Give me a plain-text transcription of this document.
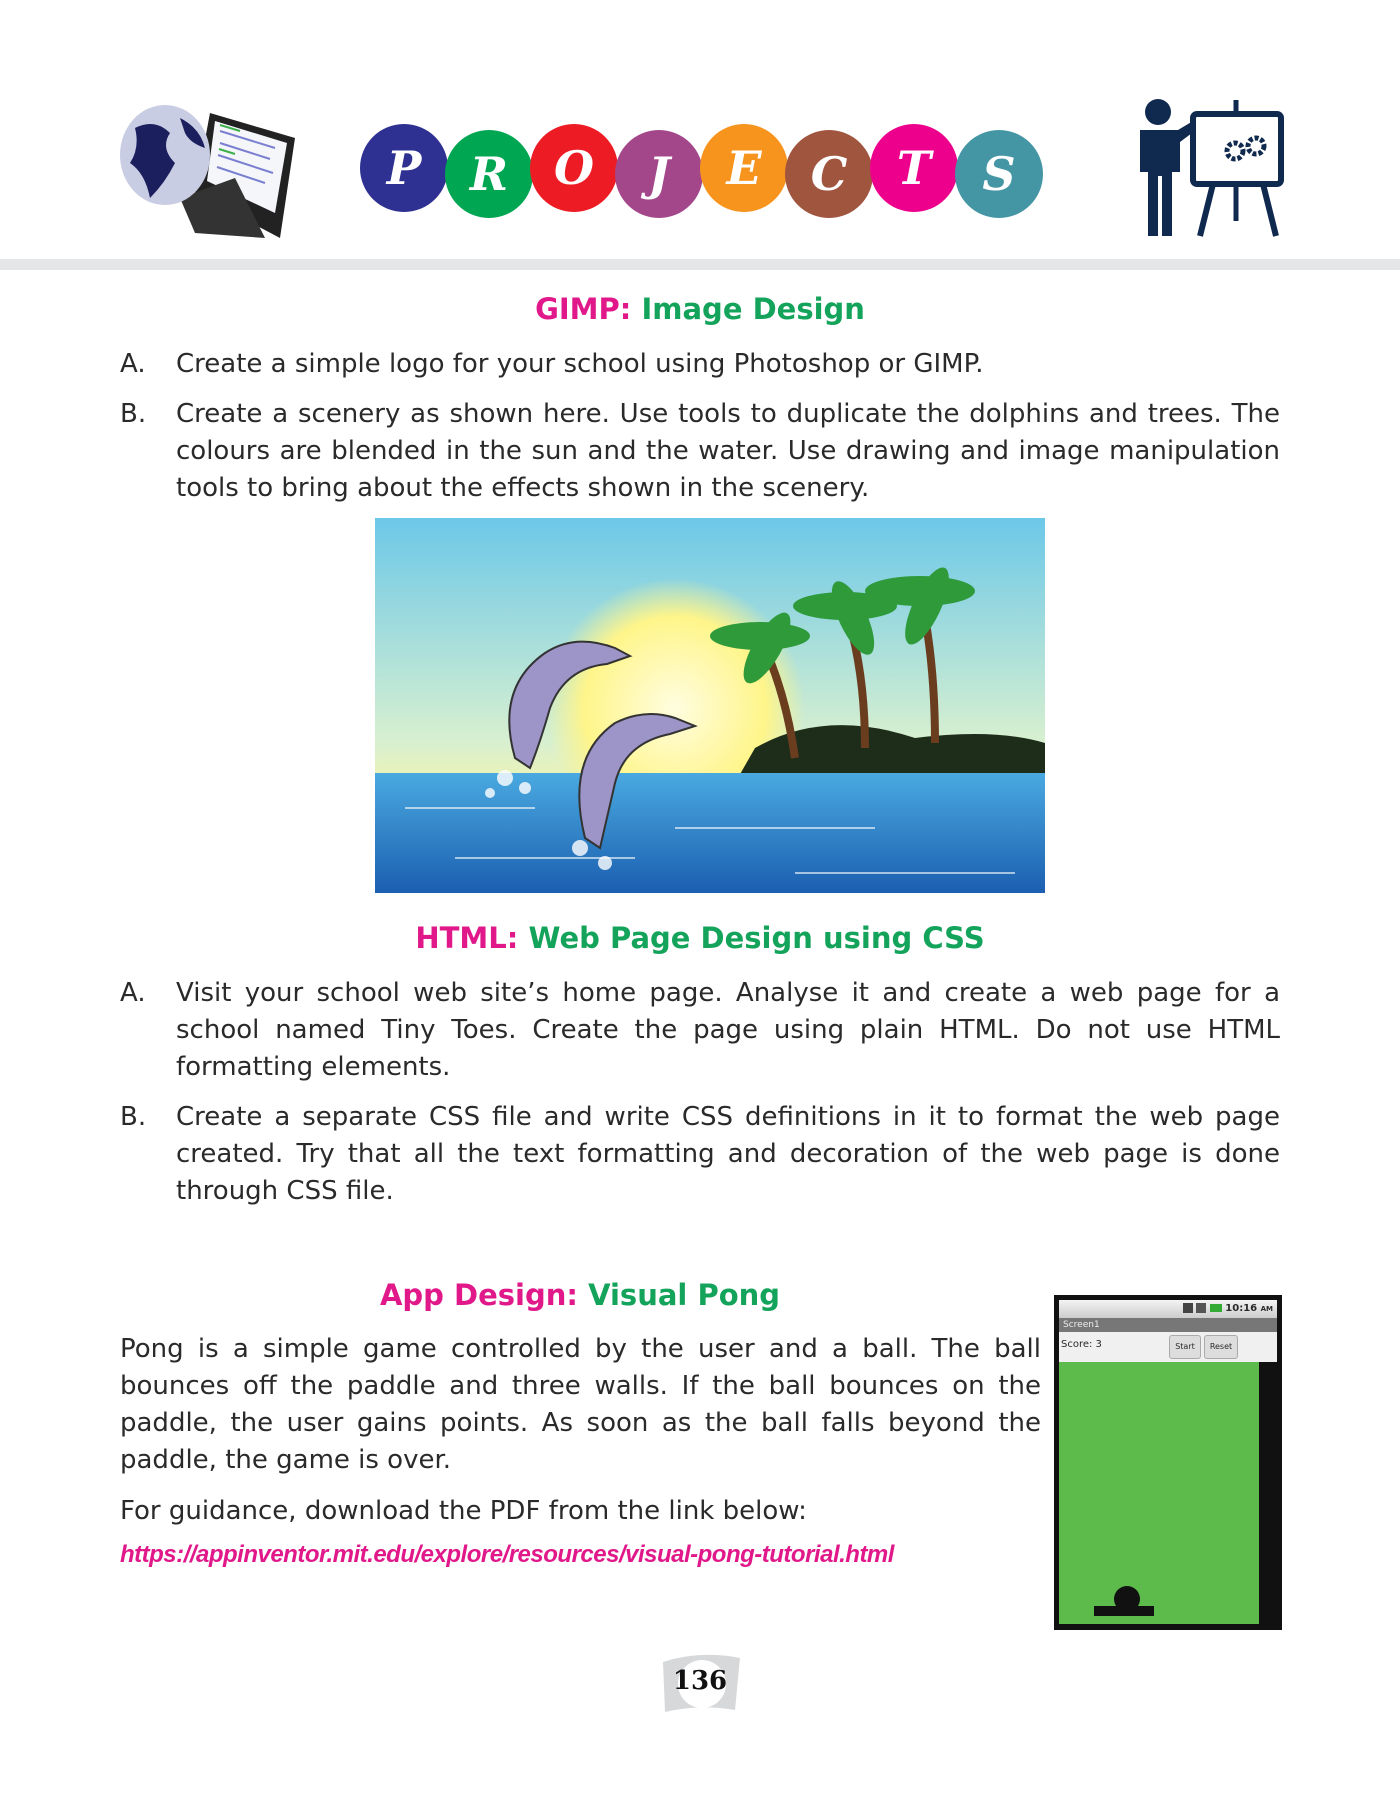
P	R O	J	E	C	T	S
GIMP: Image Design
A.	Create a simple logo for your school using Photoshop or GIMP.
B.	Create a scenery as shown here. Use tools to duplicate the dolphins and trees. The colours are blended in the sun and the water. Use drawing and image manipulation tools to bring about the effects shown in the scenery.
HTML: Web Page Design using CSS
A.	Visit your school web site’s home page. Analyse it and create a web page for a school named Tiny Toes. Create the page using plain HTML. Do not use HTML formatting elements.
B.	Create a separate CSS file and write CSS definitions in it to format the web page created. Try that all the text formatting and decoration of the web page is done through CSS file.
App Design: Visual Pong
Pong is a simple game controlled by the user and a ball. The ball bounces off the paddle and three walls. If the ball bounces on the paddle, the user gains points. As soon as the ball falls beyond the paddle, the game is over.
For guidance, download the PDF from the link below:
https://appinventor.mit.edu/explore/resources/visual-pong-tutorial.html
10:16 AM
Screen1
Score: 3	Start	Reset
136
